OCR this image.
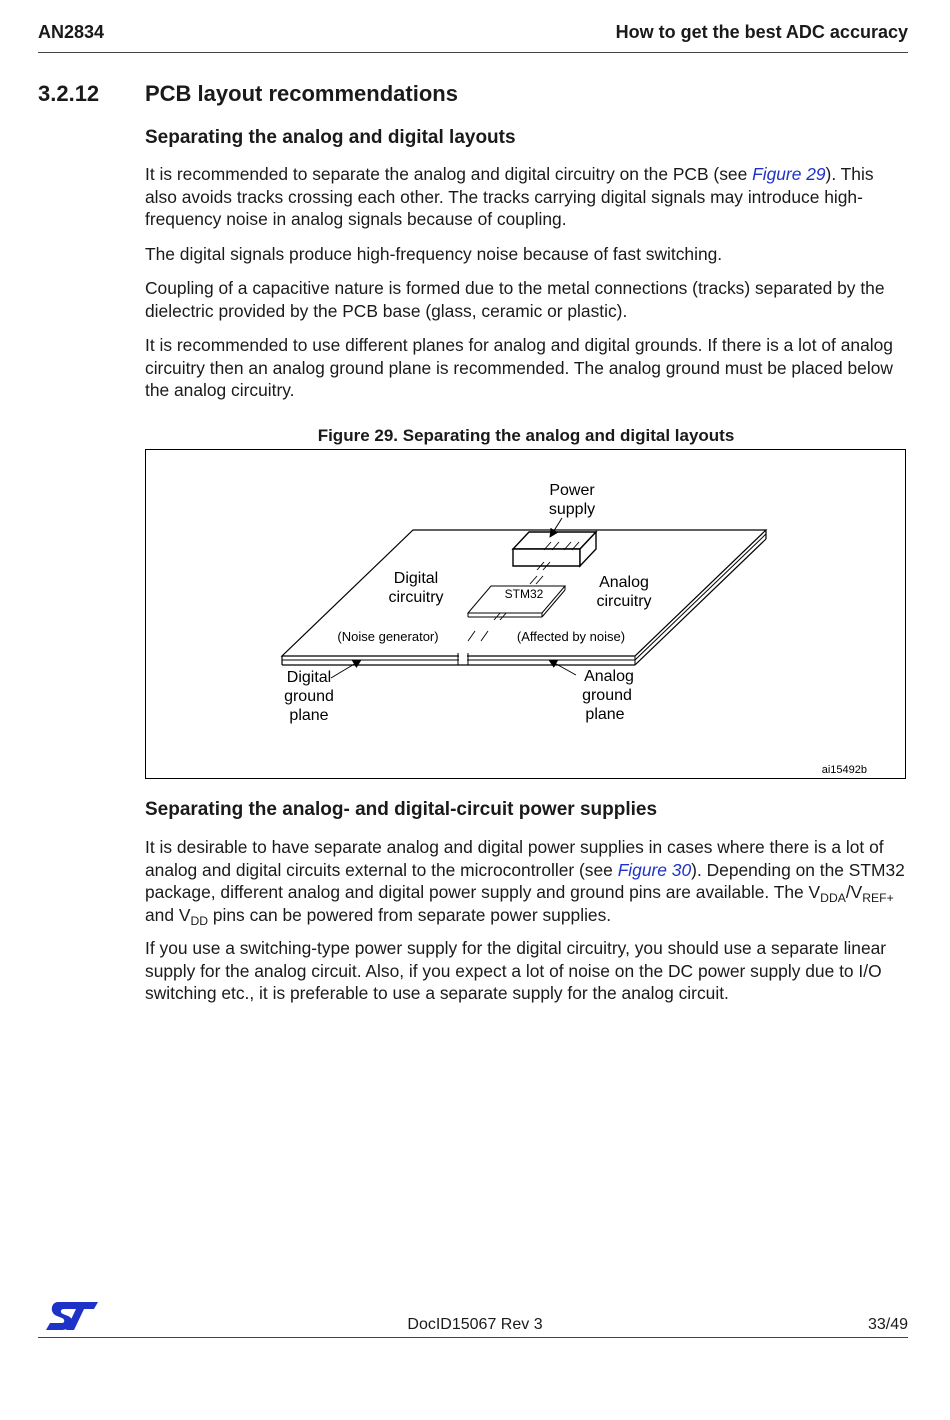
AN2834	How to get the best ADC accuracy
3.2.12 PCB layout recommendations
Separating the analog and digital layouts
It is recommended to separate the analog and digital circuitry on the PCB (see Figure 29). This also avoids tracks crossing each other. The tracks carrying digital signals may introduce high-frequency noise in analog signals because of coupling.
The digital signals produce high-frequency noise because of fast switching.
Coupling of a capacitive nature is formed due to the metal connections (tracks) separated by the dielectric provided by the PCB base (glass, ceramic or plastic).
It is recommended to use different planes for analog and digital grounds. If there is a lot of analog circuitry then an analog ground plane is recommended. The analog ground must be placed below the analog circuitry.
Figure 29. Separating the analog and digital layouts
STM32
Power
supply
Digital
circuitry
Analog
circuitry
(Noise generator)	(Affected by noise)
Digital
ground
plane
Analog
ground
plane
ai15492b
Separating the analog- and digital-circuit power supplies
It is desirable to have separate analog and digital power supplies in cases where there is a lot of analog and digital circuits external to the microcontroller (see Figure 30). Depending on the STM32 package, different analog and digital power supply and ground pins are available. The $V_{DDA}/V_{REF+}$ and $V_{DD}$ pins can be powered from separate power supplies.
If you use a switching-type power supply for the digital circuitry, you should use a separate linear supply for the analog circuit. Also, if you expect a lot of noise on the DC power supply due to I/O switching etc., it is preferable to use a separate supply for the analog circuit.
DocID15067 Rev 3	33/49
